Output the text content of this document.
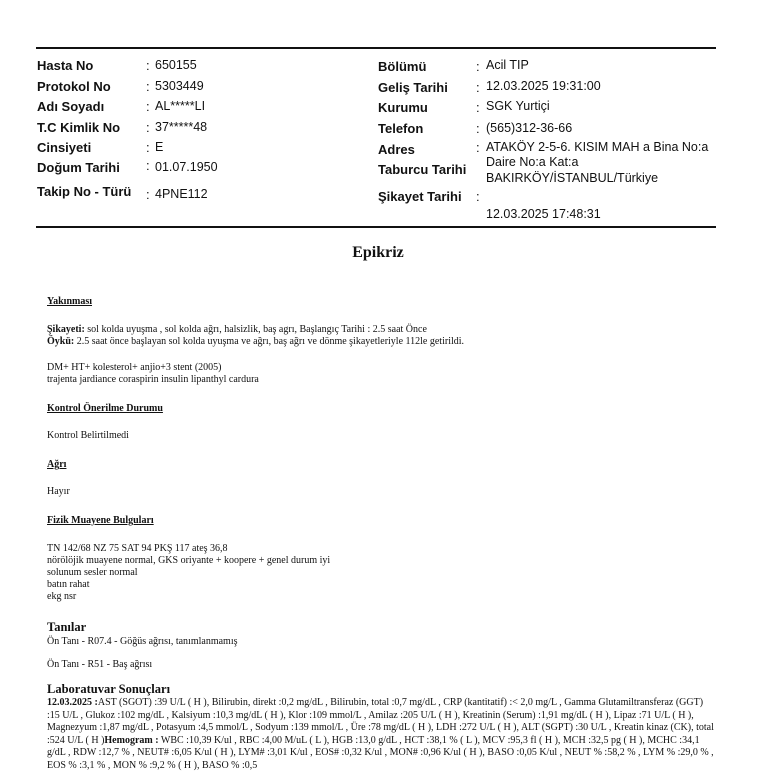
Hasta No	: 650155
Protokol No	: 5303449
Adı Soyadı	: AL*****LI
T.C Kimlik No : 37*****48
Cinsiyeti	: E
Doğum Tarihi : 01.07.1950
Takip No - Türü : 4PNE112
Bölümü	: Acil TIP
Geliş Tarihi : 12.03.2025 19:31:00
Kurumu	: SGK Yurtiçi
Telefon	: (565)312-36-66
Adres	: ATAKÖY 2-5-6. KISIM MAH a Bina No:a
Daire No:a Kat:a
BAKIRKÖY/İSTANBUL/Türkiye
Taburcu Tarihi
Şikayet Tarihi :
12.03.2025 17:48:31
Epikriz
Yakınması
Şikayeti: sol kolda uyuşma , sol kolda ağrı, halsizlik, baş agrı, Başlangıç Tarihi : 2.5 saat Önce
Öykü: 2.5 saat önce başlayan sol kolda uyuşma ve ağrı, baş ağrı ve dönme şikayetleriyle 112le getirildi.
DM+ HT+ kolesterol+ anjio+3 stent (2005)
trajenta jardiance coraspirin insulin lipanthyl cardura
Kontrol Önerilme Durumu
Kontrol Belirtilmedi
Ağrı
Hayır
Fizik Muayene Bulguları
TN 142/68 NZ 75 SAT 94 PKŞ 117 ateş 36,8
nörölöjik muayene normal, GKS oriyante + koopere + genel durum iyi
solunum sesler normal
batın rahat
ekg nsr
Tanılar
Ön Tanı - R07.4 - Göğüs ağrısı, tanımlanmamış
Ön Tanı - R51 - Baş ağrısı
Laboratuvar Sonuçları
12.03.2025 :AST (SGOT) :39 U/L ( H ), Bilirubin, direkt :0,2 mg/dL , Bilirubin, total :0,7 mg/dL , CRP (kantitatif) :< 2,0 mg/L , Gamma Glutamiltransferaz (GGT) :15 U/L , Glukoz :102 mg/dL , Kalsiyum :10,3 mg/dL ( H ), Klor :109 mmol/L , Amilaz :205 U/L ( H ), Kreatinin (Serum) :1,91 mg/dL ( H ), Lipaz :71 U/L ( H ), Magnezyum :1,87 mg/dL , Potasyum :4,5 mmol/L , Sodyum :139 mmol/L , Üre :78 mg/dL ( H ), LDH :272 U/L ( H ), ALT (SGPT) :30 U/L , Kreatin kinaz (CK), total :524 U/L ( H )Hemogram : WBC :10,39 K/ul , RBC :4,00 M/uL ( L ), HGB :13,0 g/dL , HCT :38,1 % ( L ), MCV :95,3 fl ( H ), MCH :32,5 pg ( H ), MCHC :34,1 g/dL , RDW :12,7 % , NEUT# :6,05 K/ul ( H ), LYM# :3,01 K/ul , EOS# :0,32 K/ul , MON# :0,96 K/ul ( H ), BASO :0,05 K/ul , NEUT % :58,2 % , LYM % :29,0 % , EOS % :3,1 % , MON % :9,2 % ( H ), BASO % :0,5
